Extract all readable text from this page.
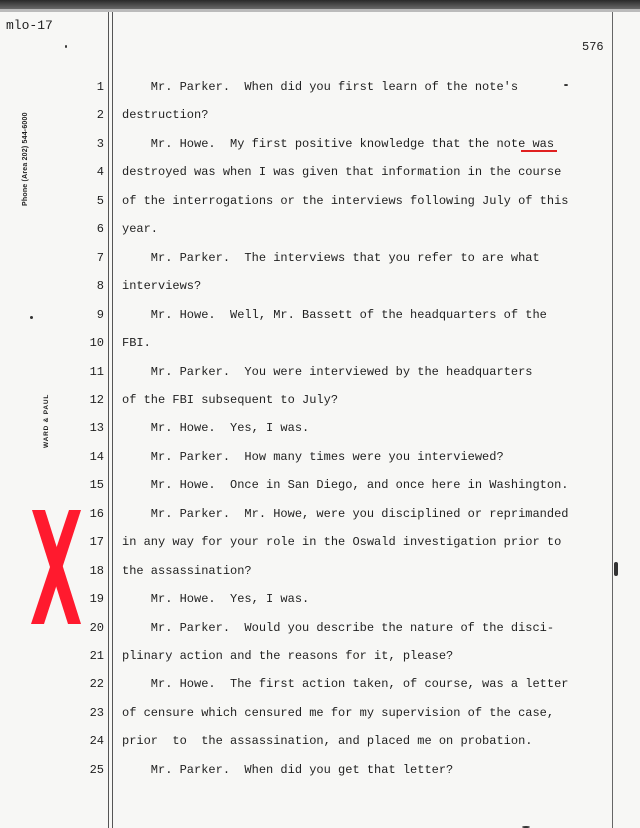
mlo-17
576
Phone (Area 202) 544-6000
WARD & PAUL
1 Mr. Parker.  When did you first learn of the note's
2 destruction?
3 Mr. Howe.  My first positive knowledge that the note was
4 destroyed was when I was given that information in the course
5 of the interrogations or the interviews following July of this
6 year.
7 Mr. Parker.  The interviews that you refer to are what
8 interviews?
9 Mr. Howe.  Well, Mr. Bassett of the headquarters of the
10 FBI.
11 Mr. Parker.  You were interviewed by the headquarters
12 of the FBI subsequent to July?
13 Mr. Howe.  Yes, I was.
14 Mr. Parker.  How many times were you interviewed?
15 Mr. Howe.  Once in San Diego, and once here in Washington.
16 Mr. Parker.  Mr. Howe, were you disciplined or reprimanded
17 in any way for your role in the Oswald investigation prior to
18 the assassination?
19 Mr. Howe.  Yes, I was.
20 Mr. Parker.  Would you describe the nature of the disci-
21 plinary action and the reasons for it, please?
22 Mr. Howe.  The first action taken, of course, was a letter
23 of censure which censured me for my supervision of the case,
24 prior  to  the assassination, and placed me on probation.
25 Mr. Parker.  When did you get that letter?
